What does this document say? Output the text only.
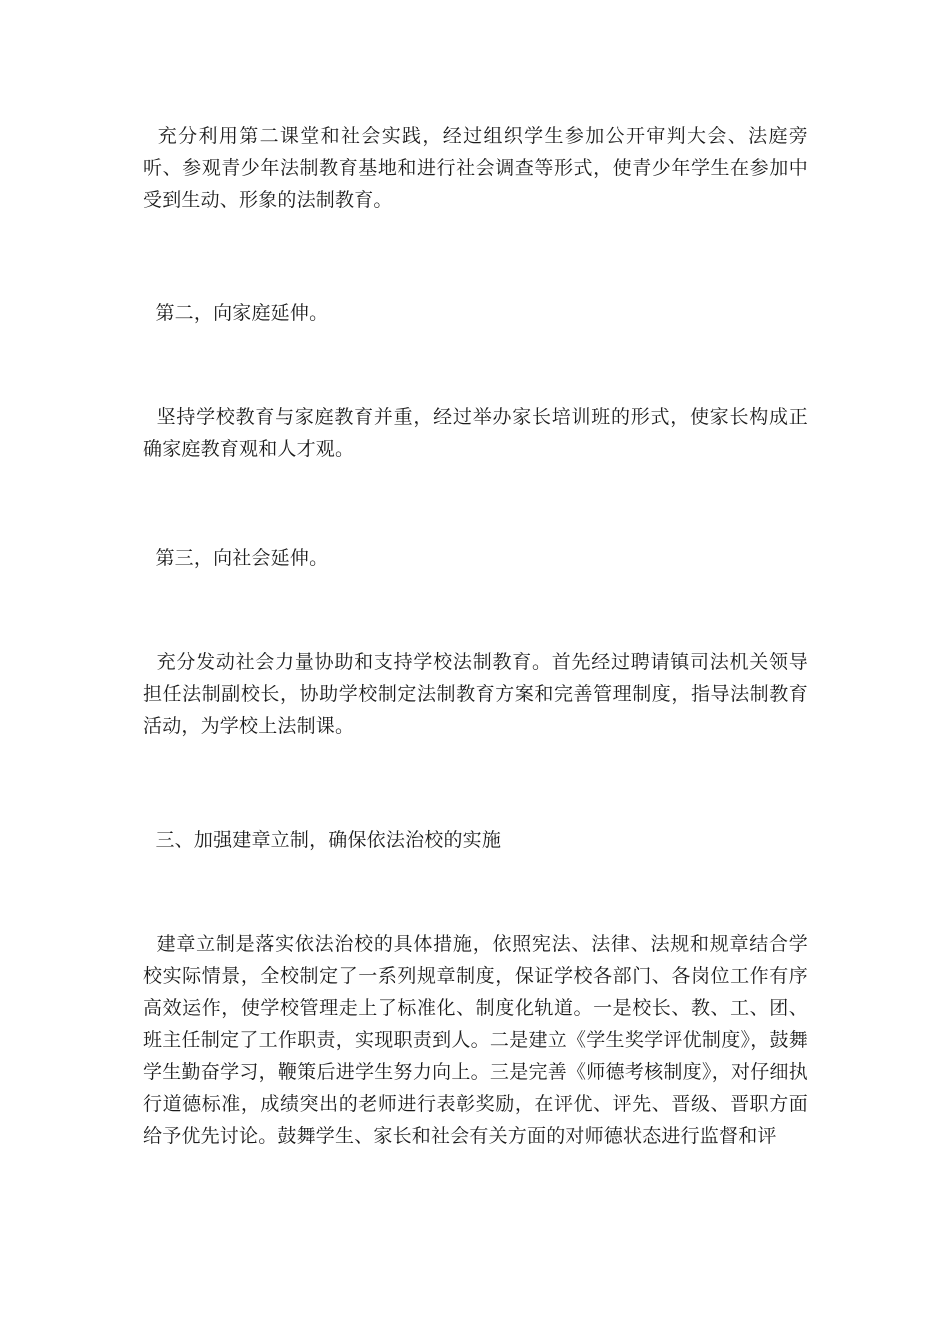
充分利用第二课堂和社会实践，经过组织学生参加公开审判大会、法庭旁听、参观青少年法制教育基地和进行社会调查等形式，使青少年学生在参加中受到生动、形象的法制教育。

第二，向家庭延伸。

坚持学校教育与家庭教育并重，经过举办家长培训班的形式，使家长构成正确家庭教育观和人才观。

第三，向社会延伸。

充分发动社会力量协助和支持学校法制教育。首先经过聘请镇司法机关领导担任法制副校长，协助学校制定法制教育方案和完善管理制度，指导法制教育活动，为学校上法制课。

三、加强建章立制，确保依法治校的实施

建章立制是落实依法治校的具体措施，依照宪法、法律、法规和规章结合学校实际情景，全校制定了一系列规章制度，保证学校各部门、各岗位工作有序高效运作，使学校管理走上了标准化、制度化轨道。一是校长、教、工、团、班主任制定了工作职责，实现职责到人。二是建立《学生奖学评优制度》，鼓舞学生勤奋学习，鞭策后进学生努力向上。三是完善《师德考核制度》，对仔细执行道德标准，成绩突出的老师进行表彰奖励，在评优、评先、晋级、晋职方面给予优先讨论。鼓舞学生、家长和社会有关方面的对师德状态进行监督和评
